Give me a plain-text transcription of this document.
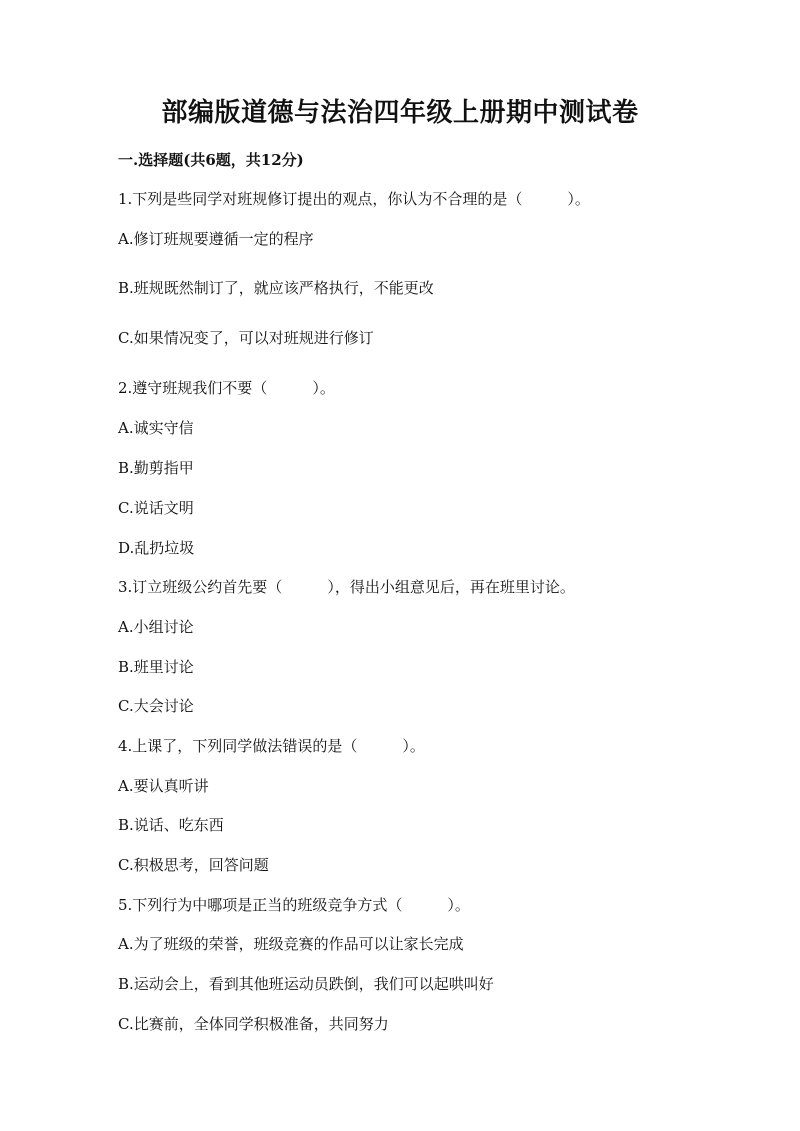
部编版道德与法治四年级上册期中测试卷
一.选择题(共6题，共12分)
1.下列是些同学对班规修订提出的观点，你认为不合理的是（　　　）。
A.修订班规要遵循一定的程序
B.班规既然制订了，就应该严格执行，不能更改
C.如果情况变了，可以对班规进行修订
2.遵守班规我们不要（　　　）。
A.诚实守信
B.勤剪指甲
C.说话文明
D.乱扔垃圾
3.订立班级公约首先要（　　　），得出小组意见后，再在班里讨论。
A.小组讨论
B.班里讨论
C.大会讨论
4.上课了，下列同学做法错误的是（　　　）。
A.要认真听讲
B.说话、吃东西
C.积极思考，回答问题
5.下列行为中哪项是正当的班级竞争方式（　　　）。
A.为了班级的荣誉，班级竞赛的作品可以让家长完成
B.运动会上，看到其他班运动员跌倒，我们可以起哄叫好
C.比赛前，全体同学积极准备，共同努力
